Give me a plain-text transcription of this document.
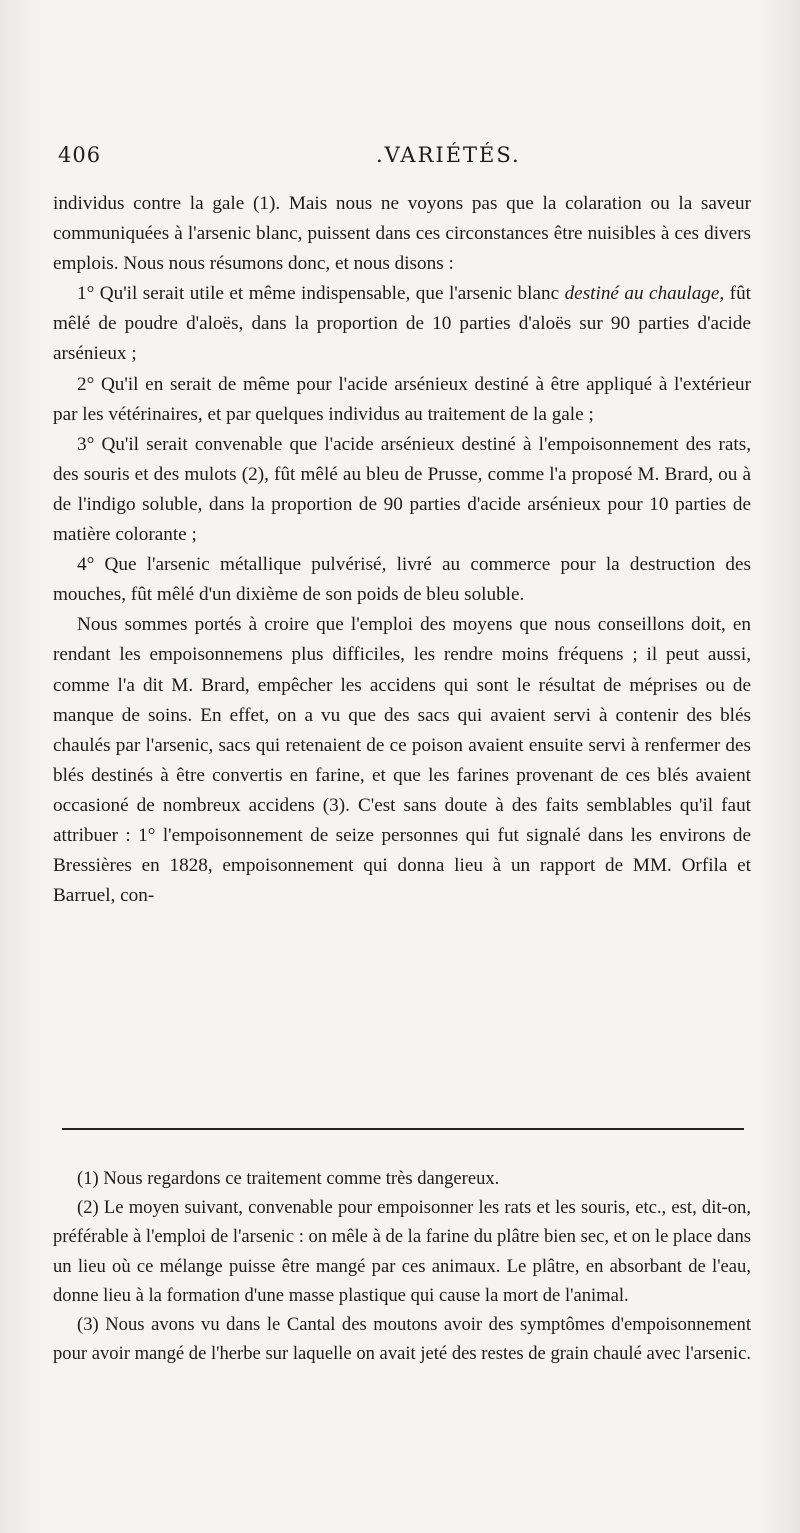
406	.VARIÉTÉS.

individus contre la gale (1). Mais nous ne voyons pas que la colaration ou la saveur communiquées à l'arsenic blanc, puissent dans ces circonstances être nuisibles à ces divers emplois. Nous nous résumons donc, et nous disons :

1° Qu'il serait utile et même indispensable, que l'arsenic blanc destiné au chaulage, fût mêlé de poudre d'aloës, dans la proportion de 10 parties d'aloës sur 90 parties d'acide arsénieux ;

2° Qu'il en serait de même pour l'acide arsénieux destiné à être appliqué à l'extérieur par les vétérinaires, et par quelques individus au traitement de la gale ;

3° Qu'il serait convenable que l'acide arsénieux destiné à l'empoisonnement des rats, des souris et des mulots (2), fût mêlé au bleu de Prusse, comme l'a proposé M. Brard, ou à de l'indigo soluble, dans la proportion de 90 parties d'acide arsénieux pour 10 parties de matière colorante ;

4° Que l'arsenic métallique pulvérisé, livré au commerce pour la destruction des mouches, fût mêlé d'un dixième de son poids de bleu soluble.

Nous sommes portés à croire que l'emploi des moyens que nous conseillons doit, en rendant les empoisonnemens plus difficiles, les rendre moins fréquens ; il peut aussi, comme l'a dit M. Brard, empêcher les accidens qui sont le résultat de méprises ou de manque de soins. En effet, on a vu que des sacs qui avaient servi à contenir des blés chaulés par l'arsenic, sacs qui retenaient de ce poison avaient ensuite servi à renfermer des blés destinés à être convertis en farine, et que les farines provenant de ces blés avaient occasioné de nombreux accidens (3). C'est sans doute à des faits semblables qu'il faut attribuer : 1° l'empoisonnement de seize personnes qui fut signalé dans les environs de Bressières en 1828, empoisonnement qui donna lieu à un rapport de MM. Orfila et Barruel, con-

(1) Nous regardons ce traitement comme très dangereux.

(2) Le moyen suivant, convenable pour empoisonner les rats et les souris, etc., est, dit-on, préférable à l'emploi de l'arsenic : on mêle à de la farine du plâtre bien sec, et on le place dans un lieu où ce mélange puisse être mangé par ces animaux. Le plâtre, en absorbant de l'eau, donne lieu à la formation d'une masse plastique qui cause la mort de l'animal.

(3) Nous avons vu dans le Cantal des moutons avoir des symptômes d'empoisonnement pour avoir mangé de l'herbe sur laquelle on avait jeté des restes de grain chaulé avec l'arsenic.
